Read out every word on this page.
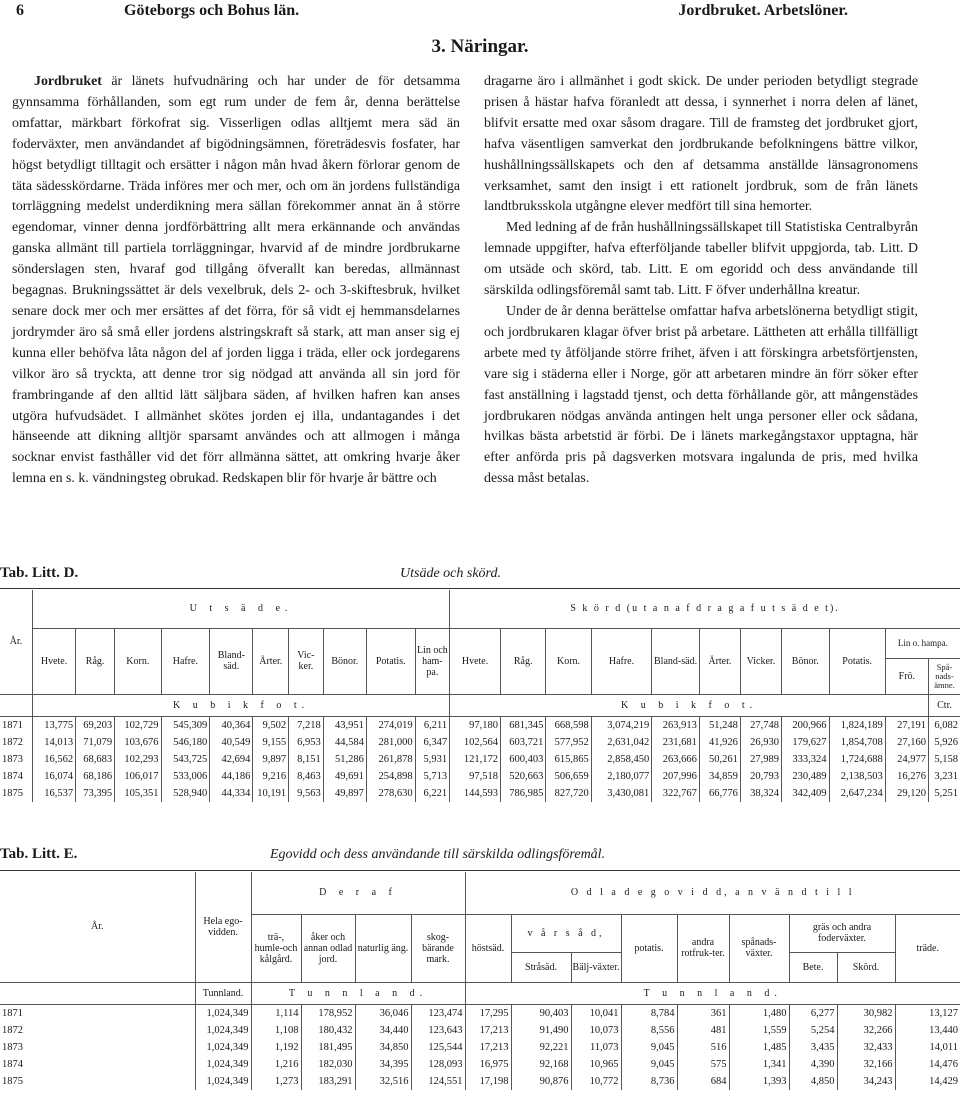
6	Göteborgs och Bohus län.	Jordbruket. Arbetslöner.
3. Näringar.

Jordbruket är länets hufvudnäring och har under de för detsamma gynnsamma förhållanden, som egt rum under de fem år, denna berättelse omfattar, märkbart förkofrat sig. Visserligen odlas alltjemt mera säd än foderväxter, men användandet af bigödningsämnen, företrädesvis fosfater, har högst betydligt tilltagit och ersätter i någon mån hvad åkern förlorar genom de täta sädesskördarne. Träda införes mer och mer, och om än jordens fullständiga torrläggning medelst underdikning mera sällan förekommer annat än å större egendomar, vinner denna jordförbättring allt mera erkännande och användas ganska allmänt till partiela torrläggningar, hvarvid af de mindre jordbrukarne sönderslagen sten, hvaraf god tillgång öfverallt kan beredas, allmännast begagnas. Brukningssättet är dels vexelbruk, dels 2- och 3-skiftesbruk, hvilket senare dock mer och mer ersättes af det förra, för så vidt ej hemmansdelarnes jordrymder äro så små eller jordens alstringskraft så stark, att man anser sig ej kunna eller behöfva låta någon del af jorden ligga i träda, eller ock jordegarens vilkor äro så tryckta, att denne tror sig nödgad att använda all sin jord för frambringande af den alltid lätt säljbara säden, af hvilken hafren kan anses utgöra hufvudsädet. I allmänhet skötes jorden ej illa, undantagandes i det hänseende att dikning alltjör sparsamt användes och att allmogen i många socknar envist fasthåller vid det förr allmänna sättet, att omkring hvarje åker lemna en s. k. vändningsteg obrukad. Redskapen blir för hvarje år bättre och

dragarne äro i allmänhet i godt skick. De under perioden betydligt stegrade prisen å hästar hafva föranledt att dessa, i synnerhet i norra delen af länet, blifvit ersatte med oxar såsom dragare. Till de framsteg det jordbruket gjort, hafva väsentligen samverkat den jordbrukande befolkningens bättre vilkor, hushållningssällskapets och den af detsamma anställde länsagronomens verksamhet, samt den insigt i ett rationelt jordbruk, som de från länets landtbruksskola utgångne elever medfört till sina hemorter.

Med ledning af de från hushållningssällskapet till Statistiska Centralbyrån lemnade uppgifter, hafva efterföljande tabeller blifvit uppgjorda, tab. Litt. D om utsäde och skörd, tab. Litt. E om egoridd och dess användande till särskilda odlingsföremål samt tab. Litt. F öfver underhållna kreatur.

Under de år denna berättelse omfattar hafva arbetslönerna betydligt stigit, och jordbrukaren klagar öfver brist på arbetare. Lättheten att erhålla tillfälligt arbete med ty åtföljande större frihet, äfven i att förskingra arbetsförtjensten, vare sig i städerna eller i Norge, gör att arbetaren mindre än förr söker efter fast anställning i lagstadd tjenst, och detta förhållande gör, att mångenstädes jordbrukaren nödgas använda antingen helt unga personer eller ock sådana, hvilkas bästa arbetstid är förbi. De i länets markegångstaxor upptagna, här efter anförda pris på dagsverken motsvara ingalunda de pris, med hvilka dessa måst betalas.

Tab. Litt. D.	Utsäde och skörd.
År.	U t s ä d e.										S k ö r d (u t a n a f d r a g a f u t s ä d e t).										
	Hvete.	Råg.	Korn.	Hafre.	Bland-säd.	Ärter.	Vic-ker.	Bönor.	Potatis.	Lin och ham-pa.	Hvete.	Råg.	Korn.	Hafre.	Bland-säd.	Ärter.	Vicker.	Bönor.	Potatis.	Lin o. hampa.	
																				Frö.	Spå-nads-ämne.
	K u b i k f o t.										K u b i k f o t.										Ctr.
1871	13,775	69,203	102,729	545,309	40,364	9,502	7,218	43,951	274,019	6,211	97,180	681,345	668,598	3,074,219	263,913	51,248	27,748	200,966	1,824,189	27,191	6,082
1872	14,013	71,079	103,676	546,180	40,549	9,155	6,953	44,584	281,000	6,347	102,564	603,721	577,952	2,631,042	231,681	41,926	26,930	179,627	1,854,708	27,160	5,926
1873	16,562	68,683	102,293	543,725	42,694	9,897	8,151	51,286	261,878	5,931	121,172	600,403	615,865	2,858,450	263,666	50,261	27,989	333,324	1,724,688	24,977	5,158
1874	16,074	68,186	106,017	533,006	44,186	9,216	8,463	49,691	254,898	5,713	97,518	520,663	506,659	2,180,077	207,996	34,859	20,793	230,489	2,138,503	16,276	3,231
1875	16,537	73,395	105,351	528,940	44,334	10,191	9,563	49,897	278,630	6,221	144,593	786,985	827,720	3,430,081	322,767	66,776	38,324	342,409	2,647,234	29,120	5,251
Tab. Litt. E.	Egovidd och dess användande till särskilda odlingsföremål.
År.	Hela ego-vidden.	D e r a f				O d l a d e g o v i d d, a n v ä n d t i l l								
		trä-, humle-och kålgård.	åker och annan odlad jord.	naturlig äng.	skog-bärande mark.	höstsäd.	v å r s å d,		potatis.	andra rotfruk-ter.	spånads-växter.	gräs och andra foderväxter.		träde.
							Stråsäd.	Bälj-växter.				Bete.	Skörd.	
	Tunnland.	T u n n l a n d.				T u n n l a n d.								
1871	1,024,349	1,114	178,952	36,046	123,474	17,295	90,403	10,041	8,784	361	1,480	6,277	30,982	13,127
1872	1,024,349	1,108	180,432	34,440	123,643	17,213	91,490	10,073	8,556	481	1,559	5,254	32,266	13,440
1873	1,024,349	1,192	181,495	34,850	125,544	17,213	92,221	11,073	9,045	516	1,485	3,435	32,433	14,011
1874	1,024,349	1,216	182,030	34,395	128,093	16,975	92,168	10,965	9,045	575	1,341	4,390	32,166	14,476
1875	1,024,349	1,273	183,291	32,516	124,551	17,198	90,876	10,772	8,736	684	1,393	4,850	34,243	14,429
